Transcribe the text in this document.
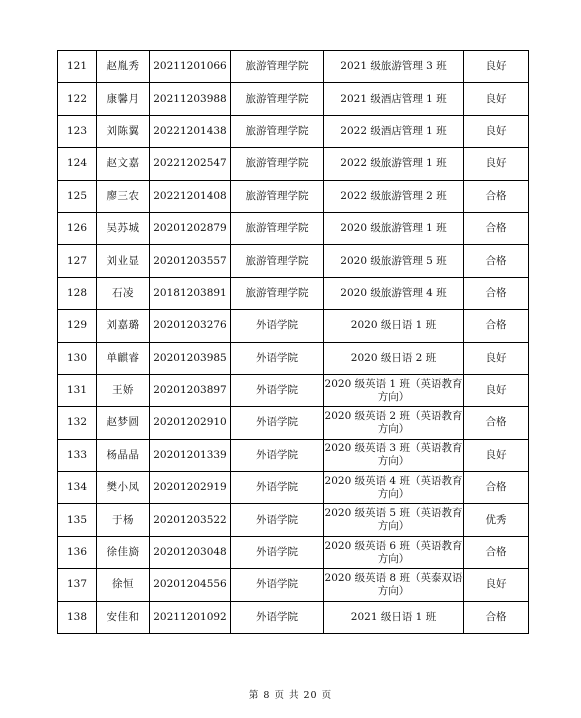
121	赵胤秀	20211201066	旅游管理学院	2021 级旅游管理 3 班	良好
122	康馨月	20211203988	旅游管理学院	2021 级酒店管理 1 班	良好
123	刘陈翼	20221201438	旅游管理学院	2022 级酒店管理 1 班	良好
124	赵文嘉	20221202547	旅游管理学院	2022 级旅游管理 1 班	良好
125	廖三农	20221201408	旅游管理学院	2022 级旅游管理 2 班	合格
126	吴苏城	20201202879	旅游管理学院	2020 级旅游管理 1 班	合格
127	刘业显	20201203557	旅游管理学院	2020 级旅游管理 5 班	合格
128	石凌	20181203891	旅游管理学院	2020 级旅游管理 4 班	合格
129	刘嘉璐	20201203276	外语学院	2020 级日语 1 班	合格
130	单麒睿	20201203985	外语学院	2020 级日语 2 班	良好
131	王娇	20201203897	外语学院	2020 级英语 1 班（英语教育方向）	良好
132	赵梦圆	20201202910	外语学院	2020 级英语 2 班（英语教育方向）	合格
133	杨晶晶	20201201339	外语学院	2020 级英语 3 班（英语教育方向）	良好
134	樊小凤	20201202919	外语学院	2020 级英语 4 班（英语教育方向）	合格
135	于杨	20201203522	外语学院	2020 级英语 5 班（英语教育方向）	优秀
136	徐佳旖	20201203048	外语学院	2020 级英语 6 班（英语教育方向）	合格
137	徐恒	20201204556	外语学院	2020 级英语 8 班（英泰双语方向）	良好
138	安佳和	20211201092	外语学院	2021 级日语 1 班	合格
第 8 页 共 20 页
